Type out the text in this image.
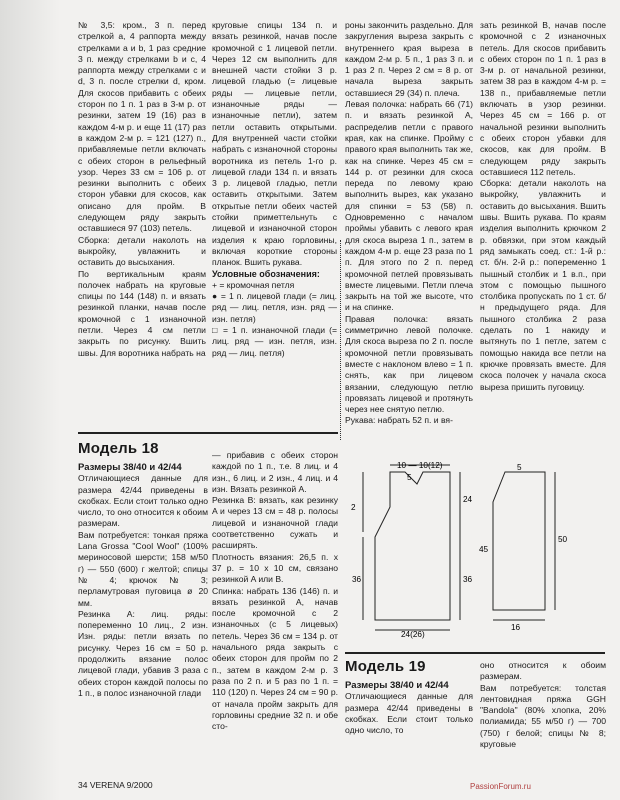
№ 3,5: кром., 3 п. перед стрелкой a, 4 раппорта между стрелками a и b, 1 раз средние 3 п. между стрелками b и c, 4 раппорта между стрелками c и d, 3 п. после стрелки d, кром. Для скосов прибавить с обеих сторон по 1 п. 1 раз в 3-м р. от резинки, затем 19 (16) раз в каждом 4-м р. и еще 11 (17) раз в каждом 2-м р. = 121 (127) п., прибавляемые петли включать с обеих сторон в рельефный узор. Через 33 см = 106 р. от резинки выполнить с обеих сторон убавки для скосов, как описано для пройм. В следующем ряду закрыть оставшиеся 97 (103) петель.

Сборка: детали наколоть на выкройку, увлажнить и оставить до высыхания.

По вертикальным краям полочек набрать на круговые спицы по 144 (148) п. и вязать резинкой планки, начав после кромочной с 1 изнаночной петли. Через 4 см петли закрыть по рисунку. Вшить швы. Для воротника набрать на

круговые спицы 134 п. и вязать резинкой, начав после кромочной с 1 лицевой петли. Через 12 см выполнить для внешней части стойки 3 р. лицевой гладью (= лицевые ряды — лицевые петли, изнаночные ряды — изнаночные петли), затем петли оставить открытыми. Для внутренней части стойки набрать с изнаночной стороны воротника из петель 1-го р. лицевой глади 134 п. и вязать 3 р. лицевой гладью, петли оставить открытыми. Затем открытые петли обеих частей стойки приметтельнуть с лицевой и изнаночной сторон изделия к краю горловины, включая короткие стороны планок. Вшить рукава.

Условные обозначения:

+ = кромочная петля

● = 1 п. лицевой глади (= лиц. ряд — лиц. петля, изн. ряд — изн. петля)

□ = 1 п. изнаночной глади (= лиц. ряд — изн. петля, изн. ряд — лиц. петля)

роны закончить раздельно. Для закругления выреза закрыть с внутреннего края выреза в каждом 2-м р. 5 п., 1 раз 3 п. и 1 раз 2 п. Через 2 см = 8 р. от начала выреза закрыть оставшиеся 29 (34) п. плеча.

Левая полочка: набрать 66 (71) п. и вязать резинкой A, распределив петли с правого края, как на спинке. Пройму с правого края выполнить так же, как на спинке. Через 45 см = 144 р. от резинки для скоса переда по левому краю выполнить вырез, как указано для спинки = 53 (58) п. Одновременно с началом проймы убавить с левого края для скоса выреза 1 п., затем в каждом 4-м р. еще 23 раза по 1 п. Для этого по 2 п. перед кромочной петлей провязывать вместе лицевыми. Петли плеча закрыть на той же высоте, что и на спинке.

Правая полочка: вязать симметрично левой полочке. Для скоса выреза по 2 п. после кромочной петли провязывать вместе с наклоном влево = 1 п. снять, как при лицевом вязании, следующую петлю провязать лицевой и протянуть через нее снятую петлю.

Рукава: набрать 52 п. и вя-

зать резинкой B, начав после кромочной с 2 изнаночных петель. Для скосов прибавить с обеих сторон по 1 п. 1 раз в 3-м р. от начальной резинки, затем 38 раз в каждом 4-м р. = 138 п., прибавляемые петли включать в узор резинки. Через 45 см = 166 р. от начальной резинки выполнить с обеих сторон убавки для скосов, как для пройм. В следующем ряду закрыть оставшиеся 112 петель.

Сборка: детали наколоть на выкройку, увлажнить и оставить до высыхания. Вшить швы. Вшить рукава. По краям изделия выполнить крючком 2 р. обвязки, при этом каждый ряд замыкать соед. ст.: 1-й р.: ст. б/н. 2-й р.: попеременно 1 пышный столбик и 1 в.п., при этом с помощью пышного столбика пропускать по 1 ст. б/н предыдущего ряда. Для пышного столбика 2 раза сделать по 1 накиду и вытянуть по 1 петле, затем с помощью накида все петли на крючке провязать вместе. Для скоса полочек у начала скоса выреза пришить пуговицу.

Модель 18

Размеры 38/40 и 42/44

Отличающиеся данные для размера 42/44 приведены в скобках. Если стоит только одно число, то оно относится к обоим размерам.

Вам потребуется: тонкая пряжа Lana Grossa "Cool Wool" (100% мериносовой шерсти; 158 м/50 г) — 550 (600) г желтой; спицы № 4; крючок № 3; перламутровая пуговица ø 20 мм.

Резинка A: лиц. ряды: попеременно 10 лиц., 2 изн. Изн. ряды: петли вязать по рисунку. Через 16 см = 50 р. продолжить вязание полос лицевой глади, убавив 3 раза с обеих сторон каждой полосы по 1 п., в полос изнаночной глади

— прибавив с обеих сторон каждой по 1 п., т.е. 8 лиц. и 4 изн., 6 лиц. и 2 изн., 4 лиц. и 4 изн. Вязать резинкой A.

Резинка B: вязать, как резинку A и через 13 см = 48 р. полосы лицевой и изнаночной глади соответственно сужать и расширять.

Плотность вязания: 26,5 п. x 37 р. = 10 x 10 см, связано резинкой A или B.

Спинка: набрать 136 (146) п. и вязать резинкой A, начав после кромочной с 2 изнаночных (с 5 лицевых) петель. Через 36 см = 134 р. от начального ряда закрыть с обеих сторон для пройм по 2 п., затем в каждом 2-м р. 3 раза по 2 п. и 5 раз по 1 п. = 110 (120) п. Через 24 см = 90 р. от начала пройм закрыть для горловины средние 32 п. и обе сто-

10 — 10(12)
2
36	36
24(26)
5
45
50
16
5
24
Модель 19

Размеры 38/40 и 42/44

Отличающиеся данные для размера 42/44 приведены в скобках. Если стоит только одно число, то

оно относится к обоим размерам.

Вам потребуется: толстая лентовидная пряжа GGH "Bandola" (80% хлопка, 20% полиамида; 55 м/50 г) — 700 (750) г белой; спицы № 8; круговые

34 VERENA 9/2000	PassionForum.ru
